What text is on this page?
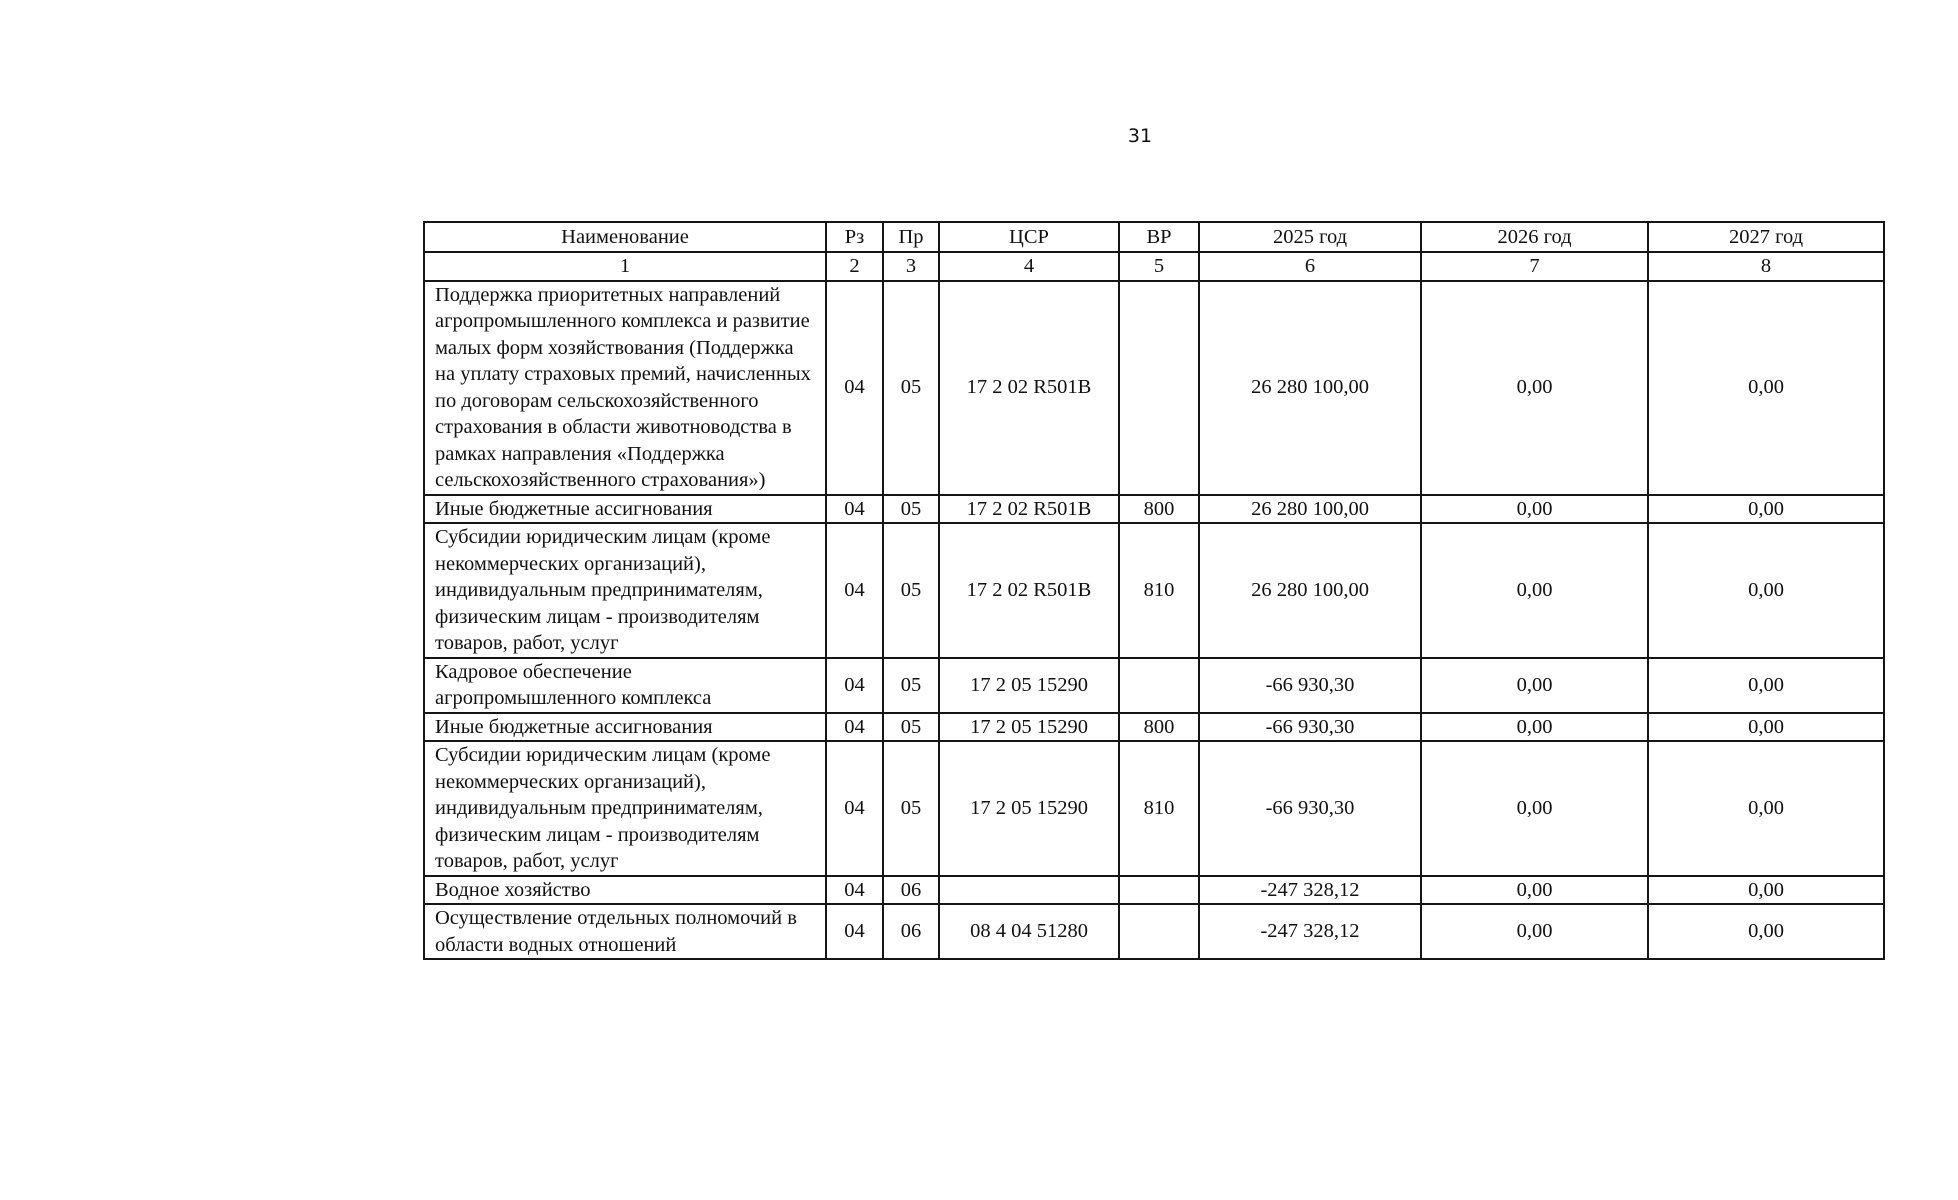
31
Наименование	Рз	Пр	ЦСР	ВР	2025 год	2026 год	2027 год
1	2	3	4	5	6	7	8
Поддержка приоритетных направлений агропромышленного комплекса и развитие малых форм хозяйствования (Поддержка на уплату страховых премий, начисленных по договорам сельскохозяйственного страхования в области животноводства в рамках направления «Поддержка сельскохозяйственного страхования»)	04	05	17 2 02 R501В		26 280 100,00	0,00	0,00
Иные бюджетные ассигнования	04	05	17 2 02 R501В	800	26 280 100,00	0,00	0,00
Субсидии юридическим лицам (кроме некоммерческих организаций), индивидуальным предпринимателям, физическим лицам - производителям товаров, работ, услуг	04	05	17 2 02 R501В	810	26 280 100,00	0,00	0,00
Кадровое обеспечение агропромышленного комплекса	04	05	17 2 05 15290		-66 930,30	0,00	0,00
Иные бюджетные ассигнования	04	05	17 2 05 15290	800	-66 930,30	0,00	0,00
Субсидии юридическим лицам (кроме некоммерческих организаций), индивидуальным предпринимателям, физическим лицам - производителям товаров, работ, услуг	04	05	17 2 05 15290	810	-66 930,30	0,00	0,00
Водное хозяйство	04	06			-247 328,12	0,00	0,00
Осуществление отдельных полномочий в области водных отношений	04	06	08 4 04 51280		-247 328,12	0,00	0,00
